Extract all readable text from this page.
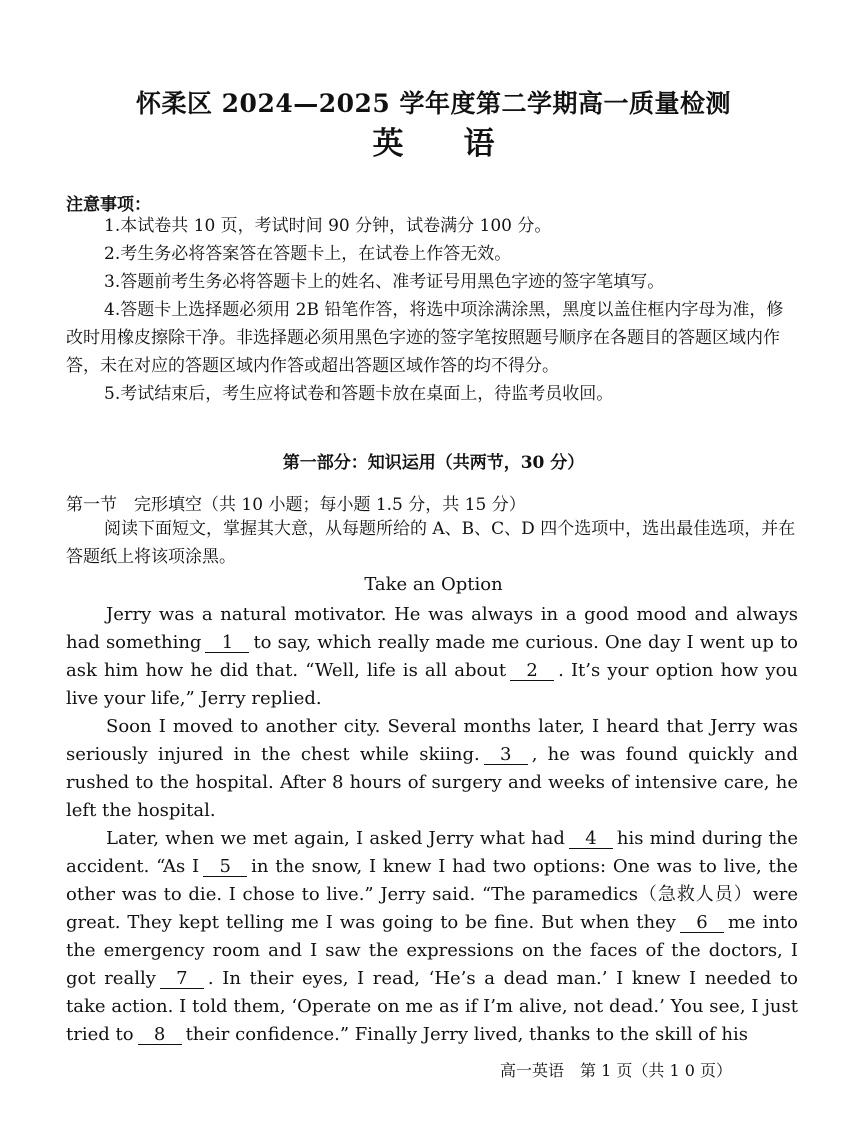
怀柔区 2024—2025 学年度第二学期高一质量检测
英语
注意事项：

1.本试卷共 10 页，考试时间 90 分钟，试卷满分 100 分。

2.考生务必将答案答在答题卡上，在试卷上作答无效。

3.答题前考生务必将答题卡上的姓名、准考证号用黑色字迹的签字笔填写。

4.答题卡上选择题必须用 2B 铅笔作答，将选中项涂满涂黑，黑度以盖住框内字母为准，修改时用橡皮擦除干净。非选择题必须用黑色字迹的签字笔按照题号顺序在各题目的答题区域内作答，未在对应的答题区域内作答或超出答题区域作答的均不得分。

5.考试结束后，考生应将试卷和答题卡放在桌面上，待监考员收回。

第一部分：知识运用（共两节，30 分）
第一节　完形填空（共 10 小题；每小题 1.5 分，共 15 分）
阅读下面短文，掌握其大意，从每题所给的 A、B、C、D 四个选项中，选出最佳选项，并在答题纸上将该项涂黑。
Take an Option

Jerry was a natural motivator. He was always in a good mood and always had something 1 to say, which really made me curious. One day I went up to ask him how he did that. “Well, life is all about 2 . It’s your option how you live your life,” Jerry replied.

Soon I moved to another city. Several months later, I heard that Jerry was seriously injured in the chest while skiing. 3 , he was found quickly and rushed to the hospital. After 8 hours of surgery and weeks of intensive care, he left the hospital.

Later, when we met again, I asked Jerry what had 4 his mind during the accident. “As I 5 in the snow, I knew I had two options: One was to live, the other was to die. I chose to live.” Jerry said. “The paramedics（急救人员）were great. They kept telling me I was going to be fine. But when they 6 me into the emergency room and I saw the expressions on the faces of the doctors, I got really 7 . In their eyes, I read, ‘He’s a dead man.’ I knew I needed to take action. I told them, ‘Operate on me as if I’m alive, not dead.’ You see, I just tried to 8 their confidence.” Finally Jerry lived, thanks to the skill of his

高一英语　第 1 页（共 1 0 页）
